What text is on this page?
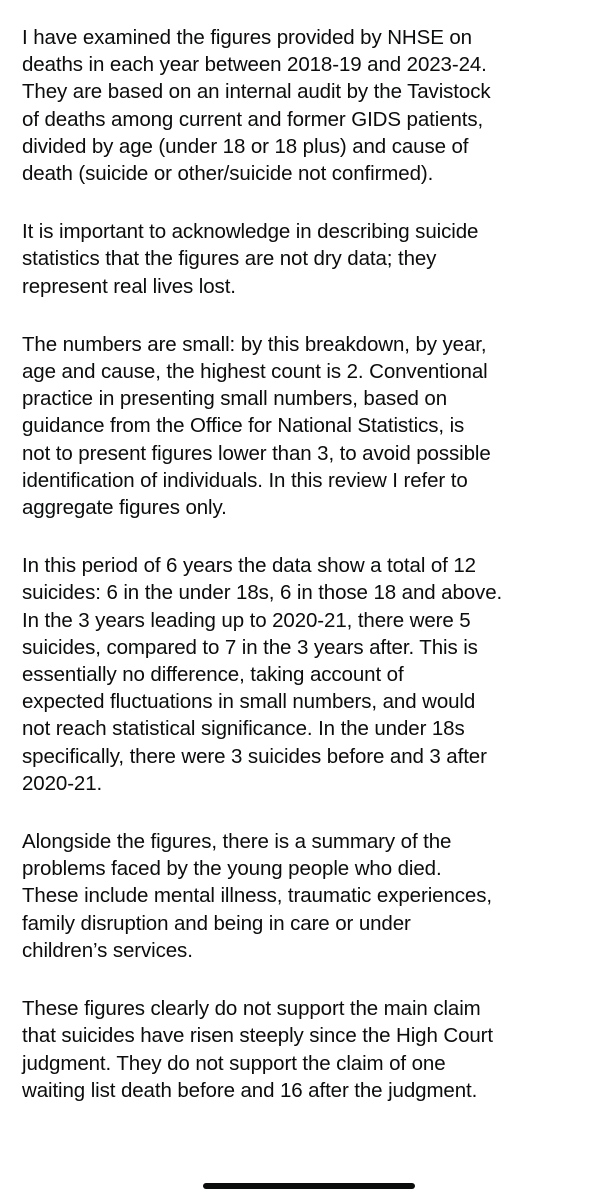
I have examined the figures provided by NHSE on
deaths in each year between 2018-19 and 2023-24.
They are based on an internal audit by the Tavistock
of deaths among current and former GIDS patients,
divided by age (under 18 or 18 plus) and cause of
death (suicide or other/suicide not confirmed).

It is important to acknowledge in describing suicide
statistics that the figures are not dry data; they
represent real lives lost.

The numbers are small: by this breakdown, by year,
age and cause, the highest count is 2. Conventional
practice in presenting small numbers, based on
guidance from the Office for National Statistics, is
not to present figures lower than 3, to avoid possible
identification of individuals. In this review I refer to
aggregate figures only.

In this period of 6 years the data show a total of 12
suicides: 6 in the under 18s, 6 in those 18 and above.
In the 3 years leading up to 2020-21, there were 5
suicides, compared to 7 in the 3 years after. This is
essentially no difference, taking account of
expected fluctuations in small numbers, and would
not reach statistical significance. In the under 18s
specifically, there were 3 suicides before and 3 after
2020-21.

Alongside the figures, there is a summary of the
problems faced by the young people who died.
These include mental illness, traumatic experiences,
family disruption and being in care or under
children’s services.

These figures clearly do not support the main claim
that suicides have risen steeply since the High Court
judgment. They do not support the claim of one
waiting list death before and 16 after the judgment.
